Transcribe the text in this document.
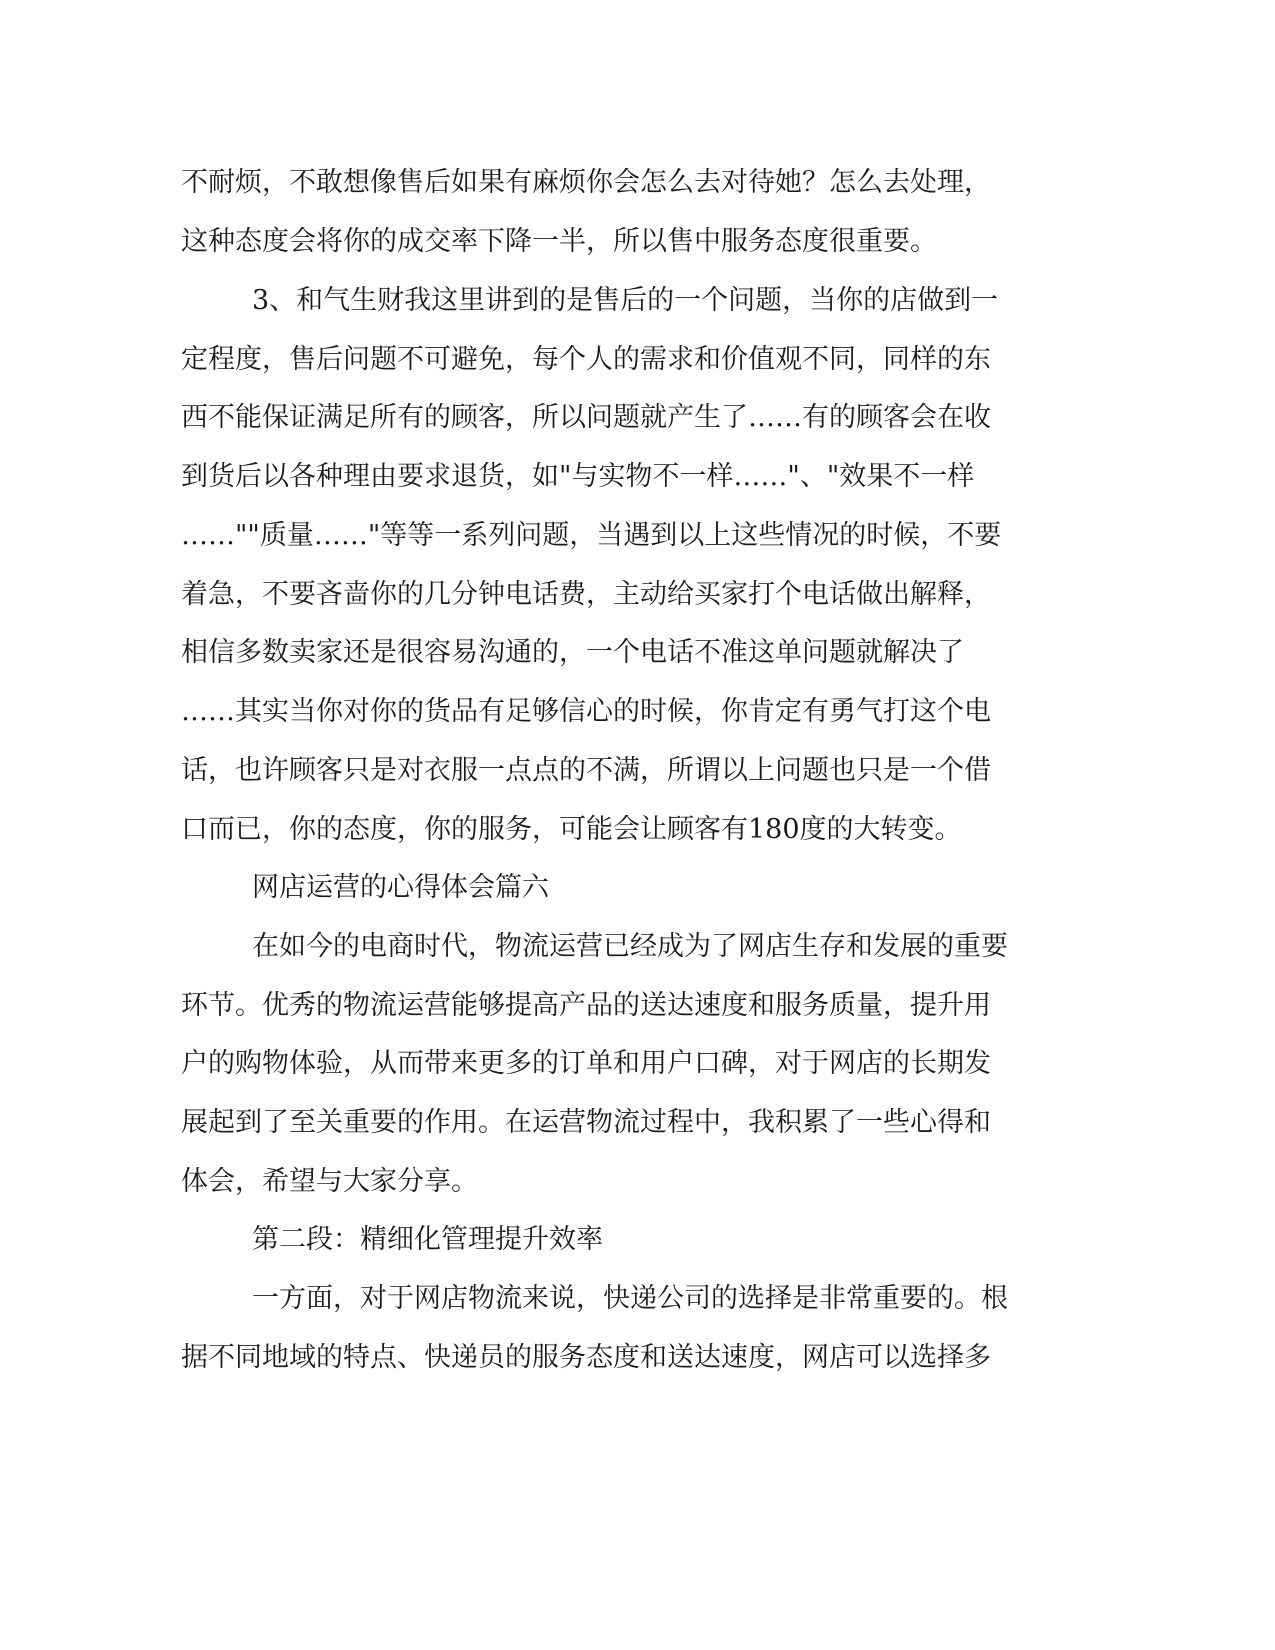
不耐烦，不敢想像售后如果有麻烦你会怎么去对待她？怎么去处理，
这种态度会将你的成交率下降一半，所以售中服务态度很重要。
3、和气生财我这里讲到的是售后的一个问题，当你的店做到一
定程度，售后问题不可避免，每个人的需求和价值观不同，同样的东
西不能保证满足所有的顾客，所以问题就产生了……有的顾客会在收
到货后以各种理由要求退货，如"与实物不一样……"、"效果不一样
……""质量……"等等一系列问题，当遇到以上这些情况的时候，不要
着急，不要吝啬你的几分钟电话费，主动给买家打个电话做出解释，
相信多数卖家还是很容易沟通的，一个电话不准这单问题就解决了
……其实当你对你的货品有足够信心的时候，你肯定有勇气打这个电
话，也许顾客只是对衣服一点点的不满，所谓以上问题也只是一个借
口而已，你的态度，你的服务，可能会让顾客有180度的大转变。
网店运营的心得体会篇六
在如今的电商时代，物流运营已经成为了网店生存和发展的重要
环节。优秀的物流运营能够提高产品的送达速度和服务质量，提升用
户的购物体验，从而带来更多的订单和用户口碑，对于网店的长期发
展起到了至关重要的作用。在运营物流过程中，我积累了一些心得和
体会，希望与大家分享。
第二段：精细化管理提升效率
一方面，对于网店物流来说，快递公司的选择是非常重要的。根
据不同地域的特点、快递员的服务态度和送达速度，网店可以选择多
